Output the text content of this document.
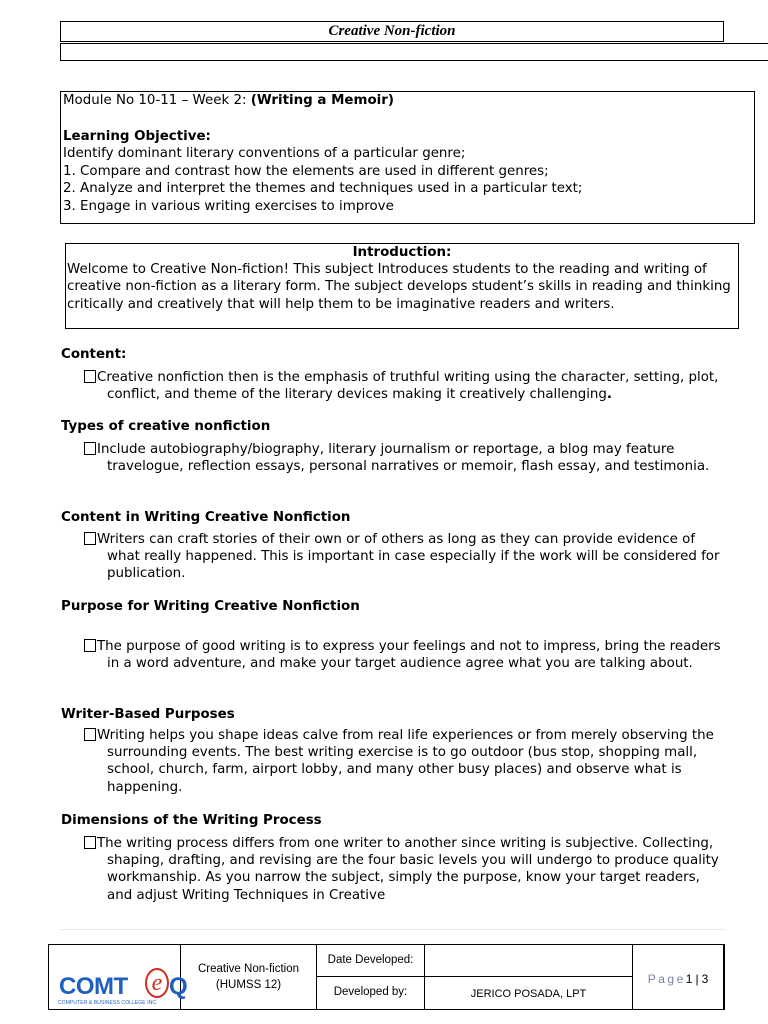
Creative Non-fiction
Module No 10-11 – Week 2: (Writing a Memoir)
Learning Objective:
Identify dominant literary conventions of a particular genre;
1. Compare and contrast how the elements are used in different genres;
2. Analyze and interpret the themes and techniques used in a particular text;
3. Engage in various writing exercises to improve
Introduction:
Welcome to Creative Non-fiction! This subject Introduces students to the reading and writing of creative non-fiction as a literary form. The subject develops student’s skills in reading and thinking critically and creatively that will help them to be imaginative readers and writers.
Content:
Creative nonfiction then is the emphasis of truthful writing using the character, setting, plot, conflict, and theme of the literary devices making it creatively challenging.
Types of creative nonfiction
Include autobiography/biography, literary journalism or reportage, a blog may feature travelogue, reflection essays, personal narratives or memoir, flash essay, and testimonia.
Content in Writing Creative Nonfiction
Writers can craft stories of their own or of others as long as they can provide evidence of what really happened. This is important in case especially if the work will be considered for publication.
Purpose for Writing Creative Nonfiction
The purpose of good writing is to express your feelings and not to impress, bring the readers in a word adventure, and make your target audience agree what you are talking about.
Writer-Based Purposes
Writing helps you shape ideas calve from real life experiences or from merely observing the surrounding events. The best writing exercise is to go outdoor (bus stop, shopping mall, school, church, farm, airport lobby, and many other busy places) and observe what is happening.
Dimensions of the Writing Process
The writing process differs from one writer to another since writing is subjective. Collecting, shaping, drafting, and revising are the four basic levels you will undergo to produce quality workmanship. As you narrow the subject, simply the purpose, know your target readers, and adjust Writing Techniques in Creative
COMT e Q
COMPUTER & BUSINESS COLLEGE INC.
Creative Non-fiction
(HUMSS 12)
Date Developed:
Developed by:	JERICO POSADA, LPT
Page1 | 3
